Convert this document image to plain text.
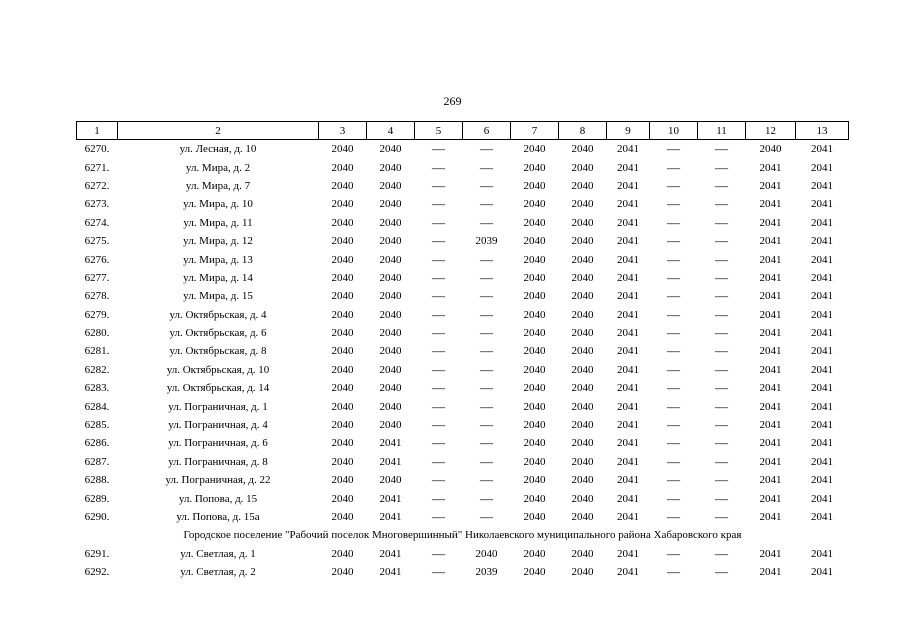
269
1	2	3	4	5	6	7	8	9	10	11	12	13
6270.	ул. Лесная, д. 10	2040	2040	—	—	2040	2040	2041	—	—	2040	2041
6271.	ул. Мира, д. 2	2040	2040	—	—	2040	2040	2041	—	—	2041	2041
6272.	ул. Мира, д. 7	2040	2040	—	—	2040	2040	2041	—	—	2041	2041
6273.	ул. Мира, д. 10	2040	2040	—	—	2040	2040	2041	—	—	2041	2041
6274.	ул. Мира, д. 11	2040	2040	—	—	2040	2040	2041	—	—	2041	2041
6275.	ул. Мира, д. 12	2040	2040	—	2039	2040	2040	2041	—	—	2041	2041
6276.	ул. Мира, д. 13	2040	2040	—	—	2040	2040	2041	—	—	2041	2041
6277.	ул. Мира, д. 14	2040	2040	—	—	2040	2040	2041	—	—	2041	2041
6278.	ул. Мира, д. 15	2040	2040	—	—	2040	2040	2041	—	—	2041	2041
6279.	ул. Октябрьская, д. 4	2040	2040	—	—	2040	2040	2041	—	—	2041	2041
6280.	ул. Октябрьская, д. 6	2040	2040	—	—	2040	2040	2041	—	—	2041	2041
6281.	ул. Октябрьская, д. 8	2040	2040	—	—	2040	2040	2041	—	—	2041	2041
6282.	ул. Октябрьская, д. 10	2040	2040	—	—	2040	2040	2041	—	—	2041	2041
6283.	ул. Октябрьская, д. 14	2040	2040	—	—	2040	2040	2041	—	—	2041	2041
6284.	ул. Пограничная, д. 1	2040	2040	—	—	2040	2040	2041	—	—	2041	2041
6285.	ул. Пограничная, д. 4	2040	2040	—	—	2040	2040	2041	—	—	2041	2041
6286.	ул. Пограничная, д. 6	2040	2041	—	—	2040	2040	2041	—	—	2041	2041
6287.	ул. Пограничная, д. 8	2040	2041	—	—	2040	2040	2041	—	—	2041	2041
6288.	ул. Пограничная, д. 22	2040	2040	—	—	2040	2040	2041	—	—	2041	2041
6289.	ул. Попова, д. 15	2040	2041	—	—	2040	2040	2041	—	—	2041	2041
6290.	ул. Попова, д. 15а	2040	2041	—	—	2040	2040	2041	—	—	2041	2041
Городское поселение "Рабочий поселок Многовершинный" Николаевского муниципального района Хабаровского края												
6291.	ул. Светлая, д. 1	2040	2041	—	2040	2040	2040	2041	—	—	2041	2041
6292.	ул. Светлая, д. 2	2040	2041	—	2039	2040	2040	2041	—	—	2041	2041
